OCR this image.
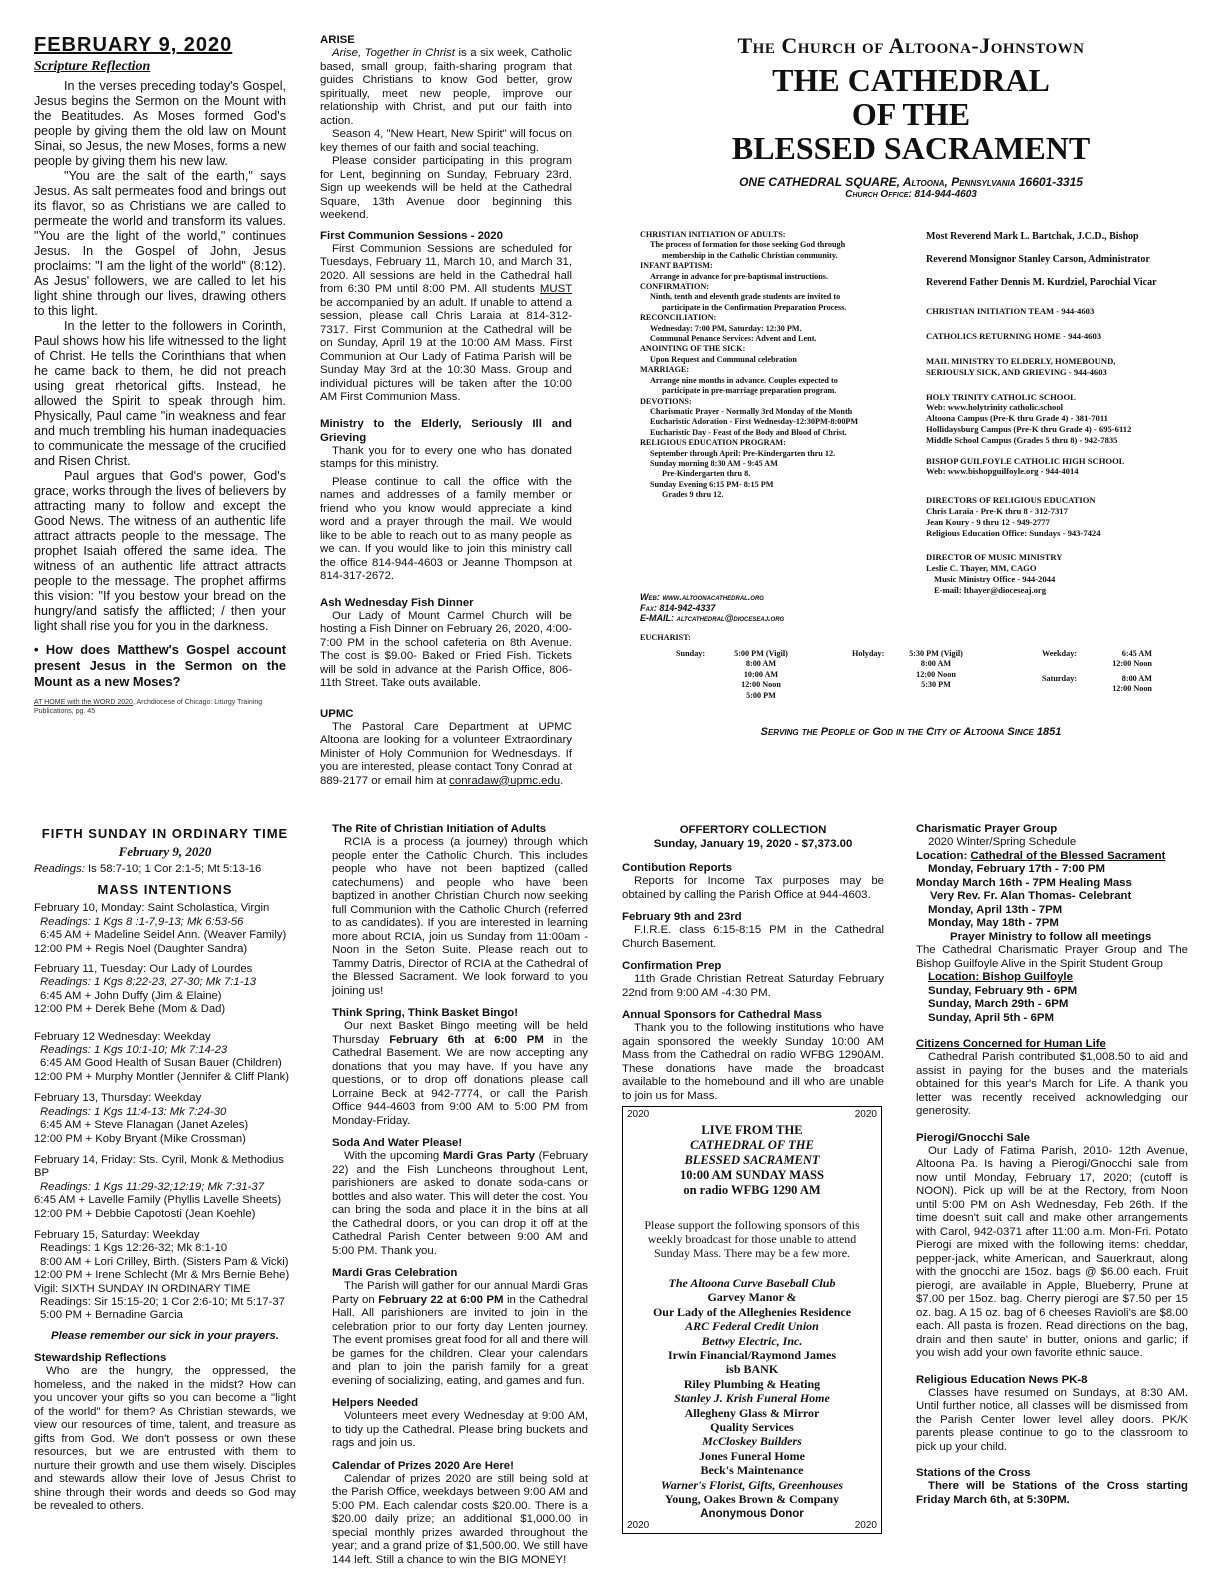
FEBRUARY 9, 2020
Scripture Reflection

In the verses preceding today's Gospel, Jesus begins the Sermon on the Mount with the Beatitudes. As Moses formed God's people by giving them the old law on Mount Sinai, so Jesus, the new Moses, forms a new people by giving them his new law.

"You are the salt of the earth," says Jesus. As salt permeates food and brings out its flavor, so as Christians we are called to permeate the world and transform its values. "You are the light of the world," continues Jesus. In the Gospel of John, Jesus proclaims: "I am the light of the world" (8:12). As Jesus' followers, we are called to let his light shine through our lives, drawing others to this light.

In the letter to the followers in Corinth, Paul shows how his life witnessed to the light of Christ. He tells the Corinthians that when he came back to them, he did not preach using great rhetorical gifts. Instead, he allowed the Spirit to speak through him. Physically, Paul came "in weakness and fear and much trembling his human inadequacies to communicate the message of the crucified and Risen Christ.

Paul argues that God's power, God's grace, works through the lives of believers by attracting many to follow and except the Good News. The witness of an authentic life attract attracts people to the message. The prophet Isaiah offered the same idea. The witness of an authentic life attract attracts people to the message. The prophet affirms this vision: "If you bestow your bread on the hungry/and satisfy the afflicted; / then your light shall rise you for you in the darkness.

• How does Matthew's Gospel account present Jesus in the Sermon on the Mount as a new Moses?
AT HOME with the WORD 2020, Archdiocese of Chicago: Liturgy Training Publications, pg. 45
ARISE

Arise, Together in Christ is a six week, Catholic based, small group, faith-sharing program that guides Christians to know God better, grow spiritually, meet new people, improve our relationship with Christ, and put our faith into action.

Season 4, "New Heart, New Spirit" will focus on key themes of our faith and social teaching.

Please consider participating in this program for Lent, beginning on Sunday, February 23rd. Sign up weekends will be held at the Cathedral Square, 13th Avenue door beginning this weekend.

First Communion Sessions - 2020

First Communion Sessions are scheduled for Tuesdays, February 11, March 10, and March 31, 2020. All sessions are held in the Cathedral hall from 6:30 PM until 8:00 PM. All students MUST be accompanied by an adult. If unable to attend a session, please call Chris Laraia at 814-312-7317. First Communion at the Cathedral will be on Sunday, April 19 at the 10:00 AM Mass. First Communion at Our Lady of Fatima Parish will be Sunday May 3rd at the 10:30 Mass. Group and individual pictures will be taken after the 10:00 AM First Communion Mass.

Ministry to the Elderly, Seriously Ill and Grieving

Thank you for to every one who has donated stamps for this ministry.

Please continue to call the office with the names and addresses of a family member or friend who you know would appreciate a kind word and a prayer through the mail. We would like to be able to reach out to as many people as we can. If you would like to join this ministry call the office 814-944-4603 or Jeanne Thompson at 814-317-2672.

Ash Wednesday Fish Dinner

Our Lady of Mount Carmel Church will be hosting a Fish Dinner on February 26, 2020, 4:00-7:00 PM in the school cafeteria on 8th Avenue. The cost is $9.00- Baked or Fried Fish. Tickets will be sold in advance at the Parish Office, 806- 11th Street. Take outs available.

UPMC

The Pastoral Care Department at UPMC Altoona are looking for a volunteer Extraordinary Minister of Holy Communion for Wednesdays. If you are interested, please contact Tony Conrad at 889-2177 or email him at conradaw@upmc.edu.

The Church of Altoona-Johnstown
THE CATHEDRAL
OF THE
BLESSED SACRAMENT
ONE CATHEDRAL SQUARE, Altoona, Pennsylvania 16601-3315
Church Office: 814-944-4603
CHRISTIAN INITIATION OF ADULTS:
The process of formation for those seeking God through
membership in the Catholic Christian community.
INFANT BAPTISM:
Arrange in advance for pre-baptismal instructions.
CONFIRMATION:
Ninth, tenth and eleventh grade students are invited to
participate in the Confirmation Preparation Process.
RECONCILIATION:
Wednesday: 7:00 PM, Saturday: 12:30 PM.
Communal Penance Services: Advent and Lent.
ANOINTING OF THE SICK:
Upon Request and Communal celebration
MARRIAGE:
Arrange nine months in advance. Couples expected to
participate in pre-marriage preparation program.
DEVOTIONS:
Charismatic Prayer - Normally 3rd Monday of the Month
Eucharistic Adoration - First Wednesday-12:30PM-8:00PM
Eucharistic Day - Feast of the Body and Blood of Christ.
RELIGIOUS EDUCATION PROGRAM:
September through April: Pre-Kindergarten thru 12.
Sunday morning 8:30 AM - 9:45 AM
Pre-Kindergarten thru 8.
Sunday Evening 6:15 PM- 8:15 PM
Grades 9 thru 12.
Most Reverend Mark L. Bartchak, J.C.D., Bishop
Reverend Monsignor Stanley Carson, Administrator
Reverend Father Dennis M. Kurdziel, Parochial Vicar
CHRISTIAN INITIATION TEAM - 944-4603
CATHOLICS RETURNING HOME - 944-4603
MAIL MINISTRY TO ELDERLY, HOMEBOUND,
SERIOUSLY SICK, AND GRIEVING - 944-4603
HOLY TRINITY CATHOLIC SCHOOL
Web: www.holytrinity catholic.school
Altoona Campus (Pre-K thru Grade 4) - 381-7011
Hollidaysburg Campus (Pre-K thru Grade 4) - 695-6112
Middle School Campus (Grades 5 thru 8) - 942-7835
BISHOP GUILFOYLE CATHOLIC HIGH SCHOOL
Web: www.bishopguilfoyle.org - 944-4014
DIRECTORS OF RELIGIOUS EDUCATION
Chris Laraia - Pre-K thru 8 - 312-7317
Jean Koury - 9 thru 12 - 949-2777
Religious Education Office: Sundays - 943-7424
DIRECTOR OF MUSIC MINISTRY
Leslie C. Thayer, MM, CAGO
Music Ministry Office - 944-2044
E-mail: lthayer@dioceseaj.org
Web: www.altoonacathedral.org
Fax: 814-942-4337
E-MAIL: altcathedral@dioceseaj.org
EUCHARIST:
Sunday:	5:00 PM (Vigil)
8:00 AM
10:00 AM
12:00 Noon
5:00 PM
Holyday:	5:30 PM (Vigil)
8:00 AM
12:00 Noon
5:30 PM
Weekday:	6:45 AM
12:00 Noon
Saturday:	8:00 AM
12:00 Noon
Serving the People of God in the City of Altoona Since 1851
FIFTH SUNDAY IN ORDINARY TIME
February 9, 2020
Readings: Is 58:7-10; 1 Cor 2:1-5; Mt 5:13-16
MASS INTENTIONS
February 10, Monday: Saint Scholastica, Virgin
Readings: 1 Kgs 8 :1-7,9-13; Mk 6:53-56
6:45 AM + Madeline Seidel Ann. (Weaver Family)
12:00 PM + Regis Noel (Daughter Sandra)
February 11, Tuesday: Our Lady of Lourdes
Readings: 1 Kgs 8:22-23, 27-30; Mk 7:1-13
6:45 AM + John Duffy (Jim & Elaine)
12:00 PM + Derek Behe (Mom & Dad)
February 12 Wednesday: Weekday
Readings: 1 Kgs 10:1-10; Mk 7:14-23
6:45 AM Good Health of Susan Bauer (Children)
12:00 PM + Murphy Montler (Jennifer & Cliff Plank)
February 13, Thursday: Weekday
Readings: 1 Kgs 11:4-13: Mk 7:24-30
6:45 AM + Steve Flanagan (Janet Azeles)
12:00 PM + Koby Bryant (Mike Crossman)
February 14, Friday: Sts. Cyril, Monk & Methodius BP
Readings: 1 Kgs 11:29-32;12:19; Mk 7:31-37
6:45 AM + Lavelle Family (Phyllis Lavelle Sheets)
12:00 PM + Debbie Capotosti (Jean Koehle)
February 15, Saturday: Weekday
Readings: 1 Kgs 12:26-32; Mk 8:1-10
8:00 AM + Lori Crilley, Birth. (Sisters Pam & Vicki)
12:00 PM + Irene Schlecht (Mr & Mrs Bernie Behe)
Vigil: SIXTH SUNDAY IN ORDINARY TIME
Readings: Sir 15:15-20; 1 Cor 2:6-10; Mt 5:17-37
5:00 PM + Bernadine Garcia
Please remember our sick in your prayers.
Stewardship Reflections

Who are the hungry, the oppressed, the homeless, and the naked in the midst? How can you uncover your gifts so you can become a "light of the world" for them? As Christian stewards, we view our resources of time, talent, and treasure as gifts from God. We don't possess or own these resources, but we are entrusted with them to nurture their growth and use them wisely. Disciples and stewards allow their love of Jesus Christ to shine through their words and deeds so God may be revealed to others.

The Rite of Christian Initiation of Adults

RCIA is a process (a journey) through which people enter the Catholic Church. This includes people who have not been baptized (called catechumens) and people who have been baptized in another Christian Church now seeking full Communion with the Catholic Church (referred to as candidates). If you are interested in learning more about RCIA, join us Sunday from 11:00am - Noon in the Seton Suite. Please reach out to Tammy Datris, Director of RCIA at the Cathedral of the Blessed Sacrament. We look forward to you joining us!

Think Spring, Think Basket Bingo!

Our next Basket Bingo meeting will be held Thursday February 6th at 6:00 PM in the Cathedral Basement. We are now accepting any donations that you may have. If you have any questions, or to drop off donations please call Lorraine Beck at 942-7774, or call the Parish Office 944-4603 from 9:00 AM to 5:00 PM from Monday-Friday.

Soda And Water Please!

With the upcoming Mardi Gras Party (February 22) and the Fish Luncheons throughout Lent, parishioners are asked to donate soda-cans or bottles and also water. This will deter the cost. You can bring the soda and place it in the bins at all the Cathedral doors, or you can drop it off at the Cathedral Parish Center between 9:00 AM and 5:00 PM. Thank you.

Mardi Gras Celebration

The Parish will gather for our annual Mardi Gras Party on February 22 at 6:00 PM in the Cathedral Hall. All parishioners are invited to join in the celebration prior to our forty day Lenten journey. The event promises great food for all and there will be games for the children. Clear your calendars and plan to join the parish family for a great evening of socializing, eating, and games and fun.

Helpers Needed

Volunteers meet every Wednesday at 9:00 AM, to tidy up the Cathedral. Please bring buckets and rags and join us.

Calendar of Prizes 2020 Are Here!

Calendar of prizes 2020 are still being sold at the Parish Office, weekdays between 9:00 AM and 5:00 PM. Each calendar costs $20.00. There is a $20.00 daily prize; an additional $1,000.00 in special monthly prizes awarded throughout the year; and a grand prize of $1,500.00. We still have 144 left. Still a chance to win the BIG MONEY!

OFFERTORY COLLECTION
Sunday, January 19, 2020 - $7,373.00
Contibution Reports

Reports for Income Tax purposes may be obtained by calling the Parish Office at 944-4603.

February 9th and 23rd

F.I.R.E. class 6:15-8:15 PM in the Cathedral Church Basement.

Confirmation Prep

11th Grade Christian Retreat Saturday February 22nd from 9:00 AM -4:30 PM.

Annual Sponsors for Cathedral Mass

Thank you to the following institutions who have again sponsored the weekly Sunday 10:00 AM Mass from the Cathedral on radio WFBG 1290AM. These donations have made the broadcast available to the homebound and ill who are unable to join us for Mass.

2020	2020
LIVE FROM THE
CATHEDRAL OF THE
BLESSED SACRAMENT
10:00 AM SUNDAY MASS
on radio WFBG 1290 AM
Please support the following sponsors of this weekly broadcast for those unable to attend Sunday Mass. There may be a few more.
The Altoona Curve Baseball Club
Garvey Manor &
Our Lady of the Alleghenies Residence
ARC Federal Credit Union
Bettwy Electric, Inc.
Irwin Financial/Raymond James
isb BANK
Riley Plumbing & Heating
Stanley J. Krish Funeral Home
Allegheny Glass & Mirror
Quality Services
McCloskey Builders
Jones Funeral Home
Beck's Maintenance
Warner's Florist, Gifts, Greenhouses
Young, Oakes Brown & Company
Anonymous Donor
2020	2020
Charismatic Prayer Group
2020 Winter/Spring Schedule
Location: Cathedral of the Blessed Sacrament
Monday, February 17th - 7:00 PM
Monday March 16th - 7PM Healing Mass
Very Rev. Fr. Alan Thomas- Celebrant
Monday, April 13th - 7PM
Monday, May 18th - 7PM
Prayer Ministry to follow all meetings
The Cathedral Charismatic Prayer Group and The Bishop Guilfoyle Alive in the Spirit Student Group
Location: Bishop Guilfoyle
Sunday, February 9th - 6PM
Sunday, March 29th - 6PM
Sunday, April 5th - 6PM
Citizens Concerned for Human Life

Cathedral Parish contributed $1,008.50 to aid and assist in paying for the buses and the materials obtained for this year's March for Life. A thank you letter was recently received acknowledging our generosity.

Pierogi/Gnocchi Sale

Our Lady of Fatima Parish, 2010- 12th Avenue, Altoona Pa. Is having a Pierogi/Gnocchi sale from now until Monday, February 17, 2020; (cutoff is NOON). Pick up will be at the Rectory, from Noon until 5:00 PM on Ash Wednesday, Feb 26th. If the time doesn't suit call and make other arrangements with Carol, 942-0371 after 11:00 a.m. Mon-Fri. Potato Pierogi are mixed with the following items: cheddar, pepper-jack, white American, and Sauerkraut, along with the gnocchi are 15oz. bags @ $6.00 each. Fruit pierogi, are available in Apple, Blueberry, Prune at $7.00 per 15oz. bag. Cherry pierogi are $7.50 per 15 oz. bag. A 15 oz. bag of 6 cheeses Ravioli's are $8.00 each. All pasta is frozen. Read directions on the bag, drain and then saute' in butter, onions and garlic; if you wish add your own favorite ethnic sauce.

Religious Education News PK-8

Classes have resumed on Sundays, at 8:30 AM. Until further notice, all classes will be dismissed from the Parish Center lower level alley doors. PK/K parents please continue to go to the classroom to pick up your child.

Stations of the Cross

There will be Stations of the Cross starting Friday March 6th, at 5:30PM.
